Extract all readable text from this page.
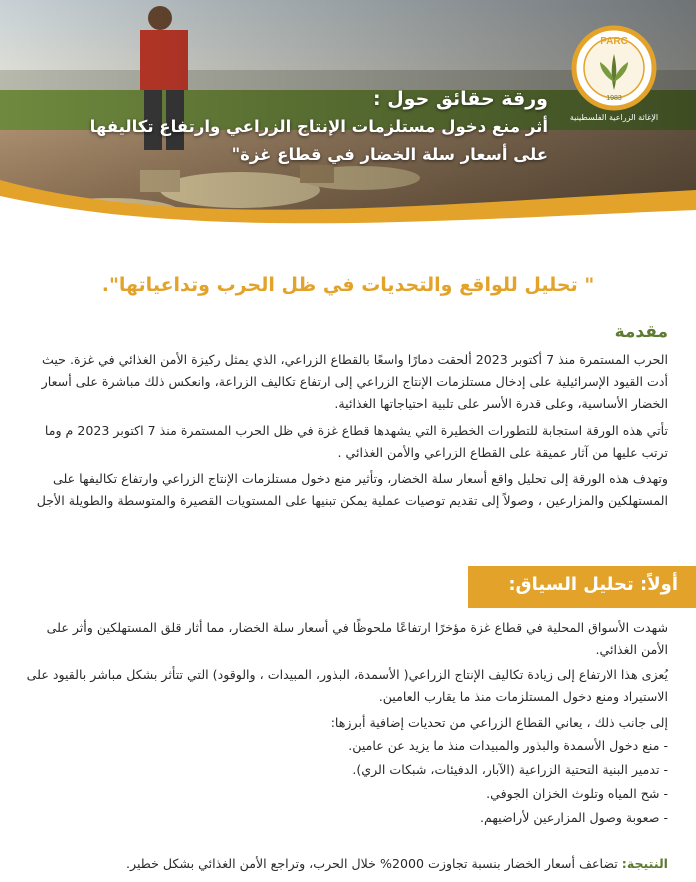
PARC
1983
الإغاثة الزراعية الفلسطينية
ورقة حقائق حول :
أثر منع دخول مستلزمات الإنتاج الزراعي وارتفاع تكاليفها
على أسعار سلة الخضار في قطاع غزة"
" تحليل للواقع والتحديات في ظل الحرب وتداعياتها".
مقدمة
الحرب المستمرة منذ 7 أكتوبر 2023 ألحقت دمارًا واسعًا بالقطاع الزراعي، الذي يمثل ركيزة الأمن الغذائي في غزة. حيث أدت القيود الإسرائيلية على إدخال مستلزمات الإنتاج الزراعي إلى ارتفاع تكاليف الزراعة، وانعكس ذلك مباشرة على أسعار الخضار الأساسية، وعلى قدرة الأسر على تلبية احتياجاتها الغذائية.
تأتي هذه الورقة استجابة للتطورات الخطيرة التي يشهدها قطاع غزة في ظل الحرب المستمرة منذ 7 اكتوبر 2023 م وما ترتب عليها من آثار عميقة على القطاع الزراعي والأمن الغذائي .
وتهدف هذه الورقة إلى تحليل واقع أسعار سلة الخضار، وتأثير منع دخول مستلزمات الإنتاج الزراعي وارتفاع تكاليفها على المستهلكين والمزارعين ، وصولاً إلى تقديم توصيات عملية يمكن تبنيها على المستويات القصيرة والمتوسطة والطويلة الأجل
أولاً: تحليل السياق:
شهدت الأسواق المحلية في قطاع غزة مؤخرًا ارتفاعًا ملحوظًا في أسعار سلة الخضار، مما أثار قلق المستهلكين وأثر على الأمن الغذائي.
يُعزى هذا الارتفاع إلى زيادة تكاليف الإنتاج الزراعي( الأسمدة، البذور، المبيدات ، والوقود) التي تتأثر بشكل مباشر بالقيود على الاستيراد ومنع دخول المستلزمات منذ ما يقارب العامين.
إلى جانب ذلك ، يعاني القطاع الزراعي من تحديات إضافية أبرزها:
- منع دخول الأسمدة والبذور والمبيدات منذ ما يزيد عن عامين.
- تدمير البنية التحتية الزراعية (الآبار، الدفيئات، شبكات الري).
- شح المياه وتلوث الخزان الجوفي.
- صعوبة وصول المزارعين لأراضيهم.
النتيجة: تضاعف أسعار الخضار بنسبة تجاوزت 2000% خلال الحرب، وتراجع الأمن الغذائي بشكل خطير.
